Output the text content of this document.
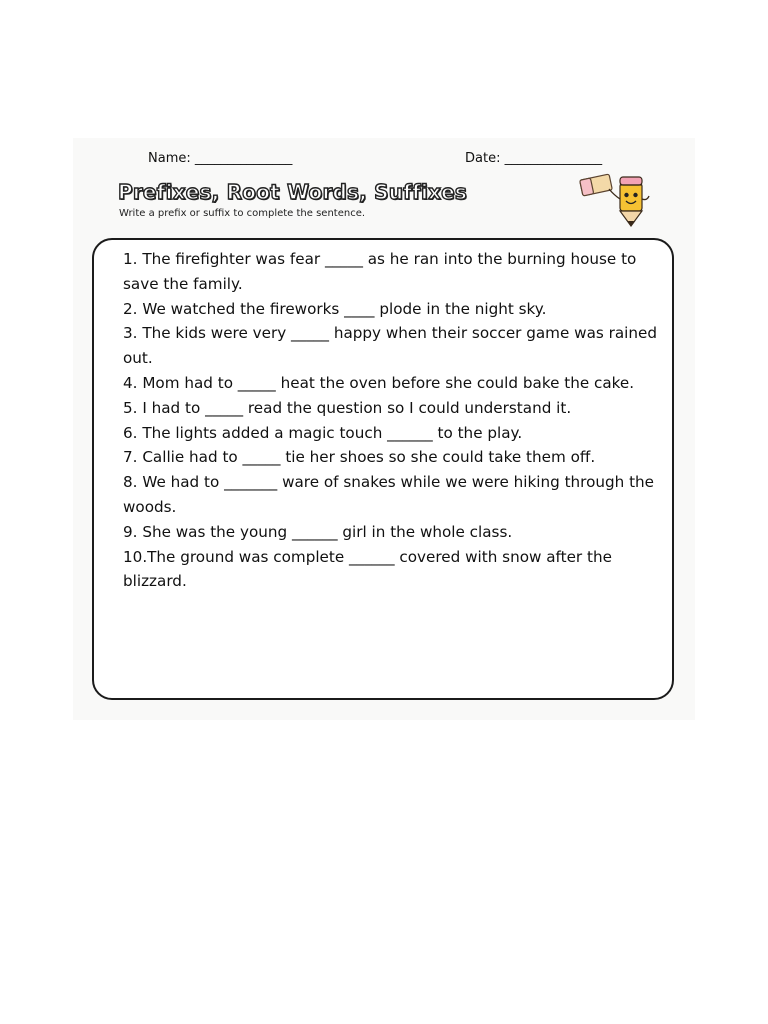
Name: _______________	Date: _______________
Prefixes, Root Words, Suffixes
Write a prefix or suffix to complete the sentence.
1. The firefighter was fear _____ as he ran into the burning house to save the family.
2. We watched the fireworks ____ plode in the night sky.
3. The kids were very _____ happy when their soccer game was rained out.
4. Mom had to _____ heat the oven before she could bake the cake.
5. I had to _____ read the question so I could understand it.
6. The lights added a magic touch ______ to the play.
7. Callie had to _____ tie her shoes so she could take them off.
8. We had to _______ ware of snakes while we were hiking through the woods.
9. She was the young ______ girl in the whole class.
10.The ground was complete ______ covered with snow after the blizzard.
